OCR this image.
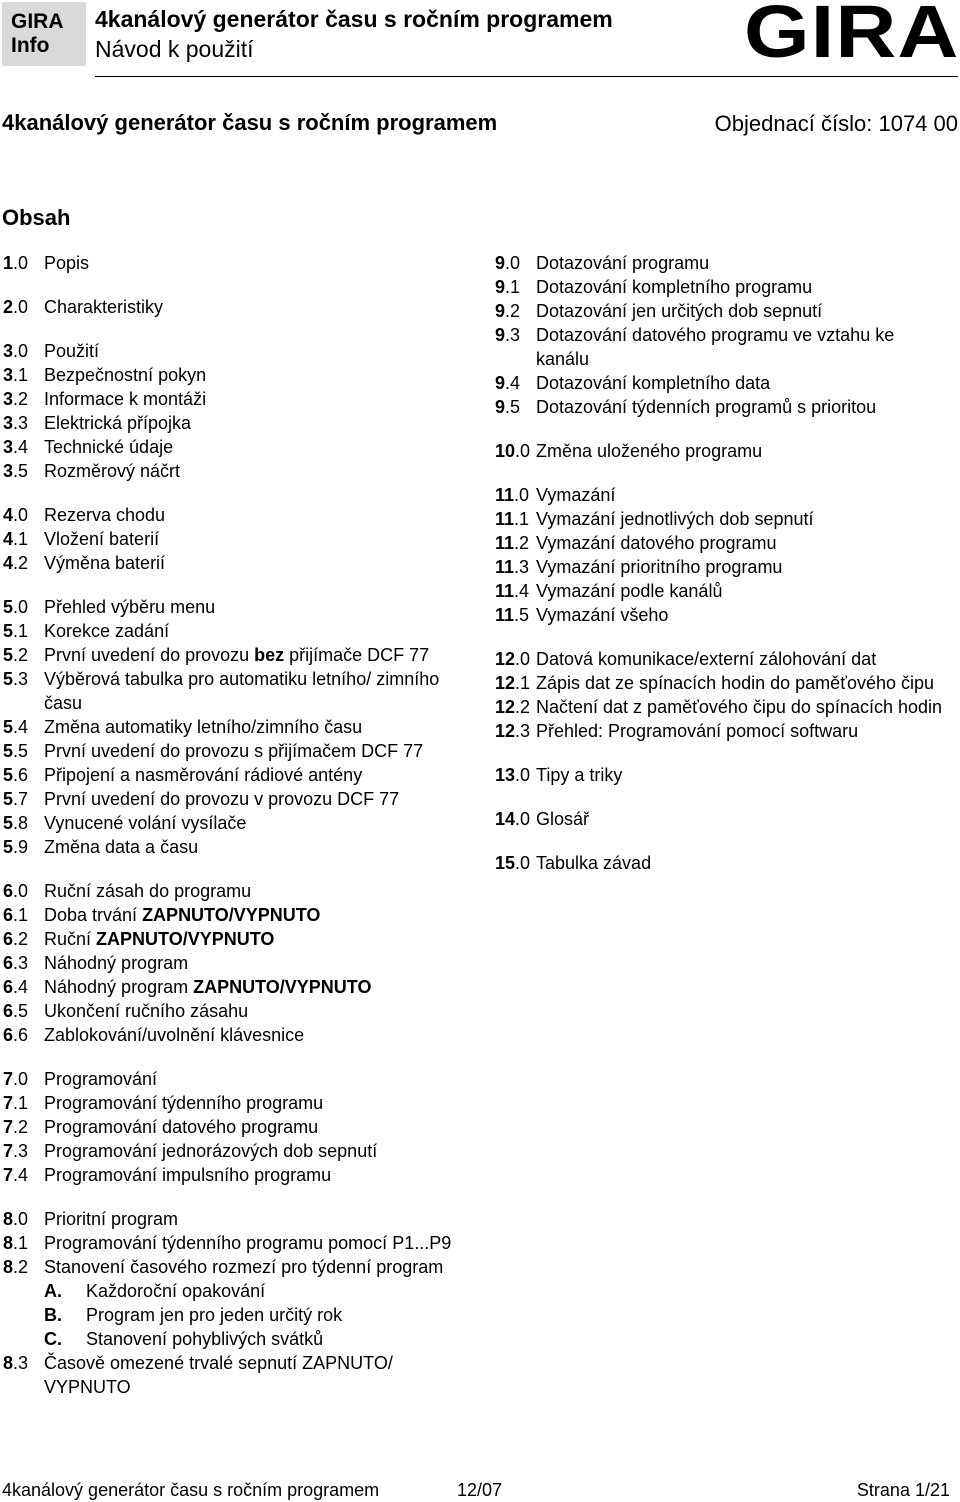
GIRA
Info
4kanálový generátor času s ročním programem
Návod k použití	GIRA
4kanálový generátor času s ročním programem	Objednací číslo: 1074 00
Obsah
1.0 Popis
2.0 Charakteristiky
3.0 Použití
3.1 Bezpečnostní pokyn
3.2 Informace k montáži
3.3 Elektrická přípojka
3.4 Technické údaje
3.5 Rozměrový náčrt
4.0 Rezerva chodu
4.1 Vložení baterií
4.2 Výměna baterií
5.0 Přehled výběru menu
5.1 Korekce zadání
5.2 První uvedení do provozu bez přijímače DCF 77
5.3 Výběrová tabulka pro automatiku letního/ zimního času
5.4 Změna automatiky letního/zimního času
5.5 První uvedení do provozu s přijímačem DCF 77
5.6 Připojení a nasměrování rádiové antény
5.7 První uvedení do provozu v provozu DCF 77
5.8 Vynucené volání vysílače
5.9 Změna data a času
6.0 Ruční zásah do programu
6.1 Doba trvání ZAPNUTO/VYPNUTO
6.2 Ruční ZAPNUTO/VYPNUTO
6.3 Náhodný program
6.4 Náhodný program ZAPNUTO/VYPNUTO
6.5 Ukončení ručního zásahu
6.6 Zablokování/uvolnění klávesnice
7.0 Programování
7.1 Programování týdenního programu
7.2 Programování datového programu
7.3 Programování jednorázových dob sepnutí
7.4 Programování impulsního programu
8.0 Prioritní program
8.1 Programování týdenního programu pomocí P1...P9
8.2 Stanovení časového rozmezí pro týdenní program
A.	Každoroční opakování
B.	Program jen pro jeden určitý rok
C.	Stanovení pohyblivých svátků
8.3 Časově omezené trvalé sepnutí ZAPNUTO/ VYPNUTO
9.0 Dotazování programu
9.1 Dotazování kompletního programu
9.2 Dotazování jen určitých dob sepnutí
9.3 Dotazování datového programu ve vztahu ke kanálu
9.4 Dotazování kompletního data
9.5 Dotazování týdenních programů s prioritou
10.0 Změna uloženého programu
11.0 Vymazání
11.1 Vymazání jednotlivých dob sepnutí
11.2 Vymazání datového programu
11.3 Vymazání prioritního programu
11.4 Vymazání podle kanálů
11.5 Vymazání všeho
12.0 Datová komunikace/externí zálohování dat
12.1 Zápis dat ze spínacích hodin do paměťového čipu
12.2 Načtení dat z paměťového čipu do spínacích hodin
12.3 Přehled: Programování pomocí softwaru
13.0 Tipy a triky
14.0 Glosář
15.0 Tabulka závad
4kanálový generátor času s ročním programem	12/07	Strana 1/21
